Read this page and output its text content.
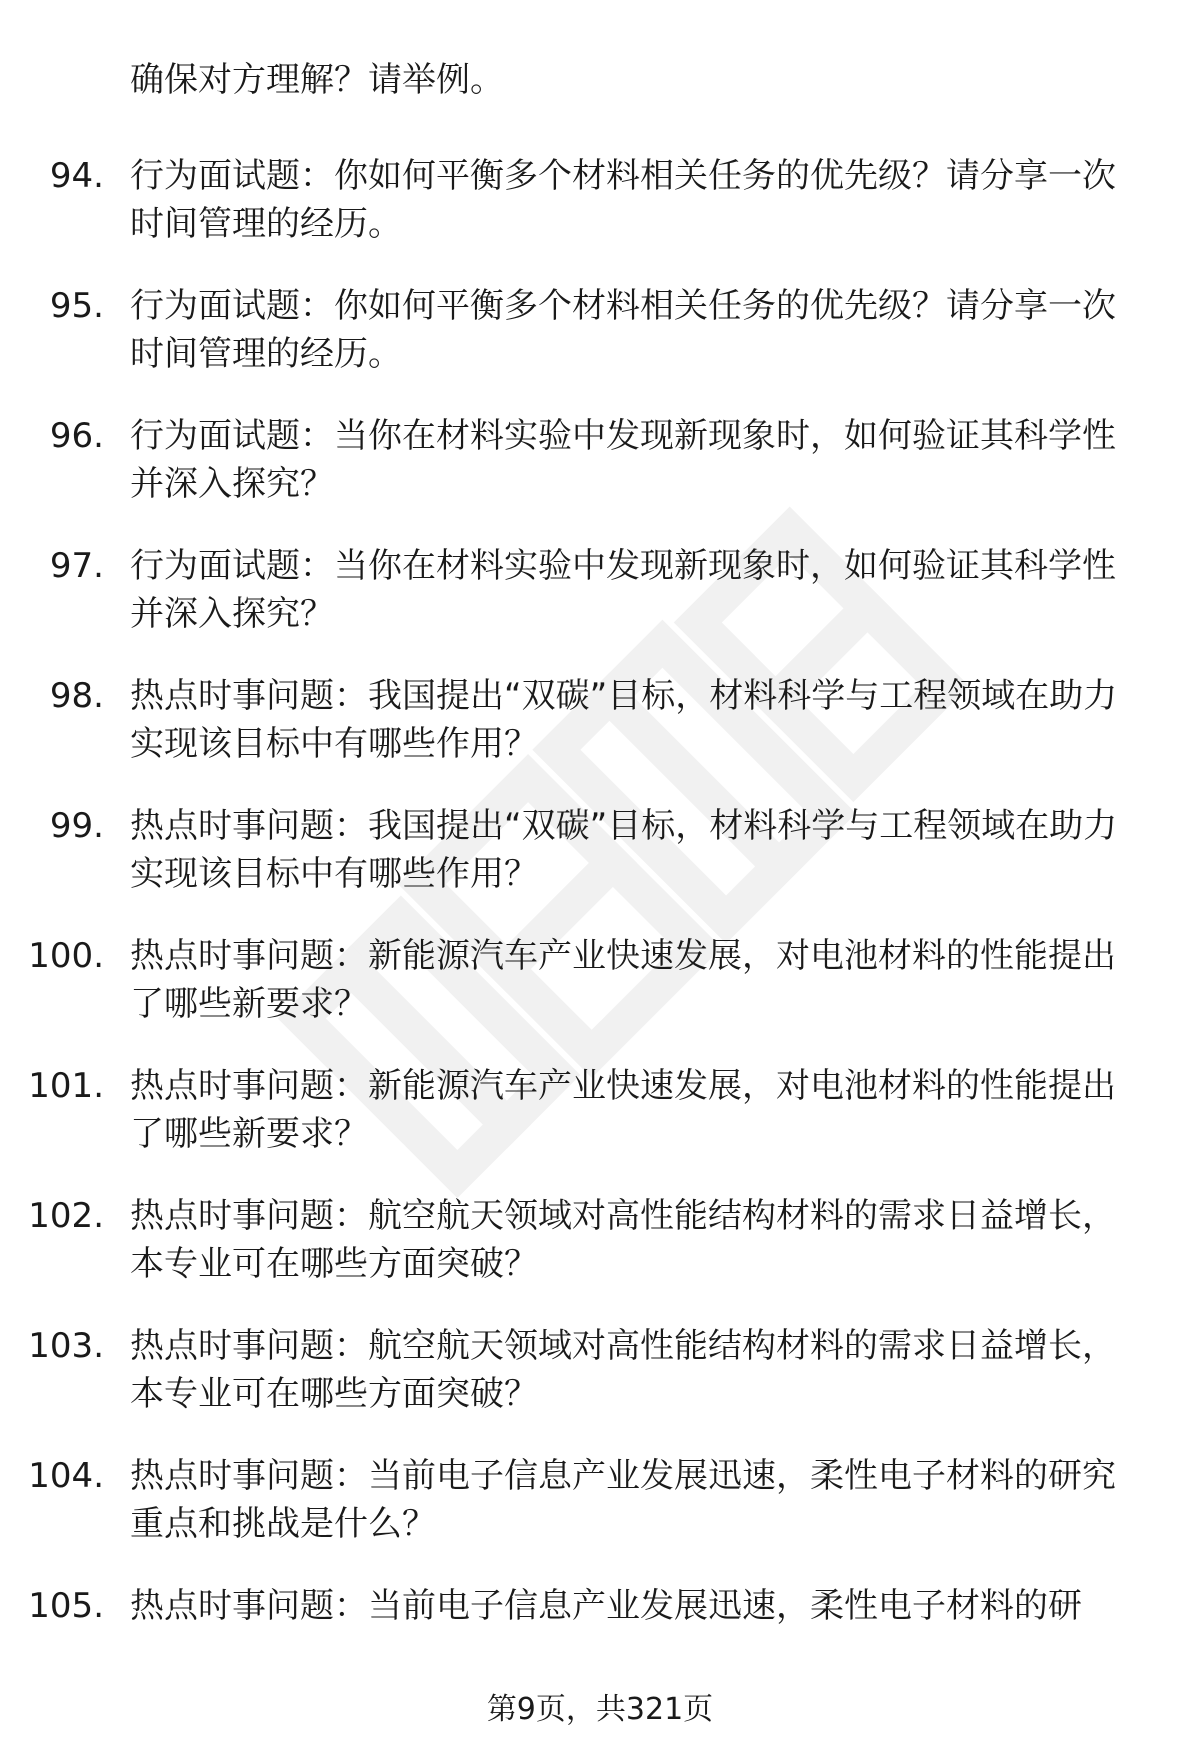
确保对方理解？请举例。
94. 行为面试题：你如何平衡多个材料相关任务的优先级？请分享一次时间管理的经历。
95. 行为面试题：你如何平衡多个材料相关任务的优先级？请分享一次时间管理的经历。
96. 行为面试题：当你在材料实验中发现新现象时，如何验证其科学性并深入探究？
97. 行为面试题：当你在材料实验中发现新现象时，如何验证其科学性并深入探究？
98. 热点时事问题：我国提出“双碳”目标，材料科学与工程领域在助力实现该目标中有哪些作用？
99. 热点时事问题：我国提出“双碳”目标，材料科学与工程领域在助力实现该目标中有哪些作用？
100. 热点时事问题：新能源汽车产业快速发展，对电池材料的性能提出了哪些新要求？
101. 热点时事问题：新能源汽车产业快速发展，对电池材料的性能提出了哪些新要求？
102. 热点时事问题：航空航天领域对高性能结构材料的需求日益增长，本专业可在哪些方面突破？
103. 热点时事问题：航空航天领域对高性能结构材料的需求日益增长，本专业可在哪些方面突破？
104. 热点时事问题：当前电子信息产业发展迅速，柔性电子材料的研究重点和挑战是什么？
105. 热点时事问题：当前电子信息产业发展迅速，柔性电子材料的研
第9页，共321页
